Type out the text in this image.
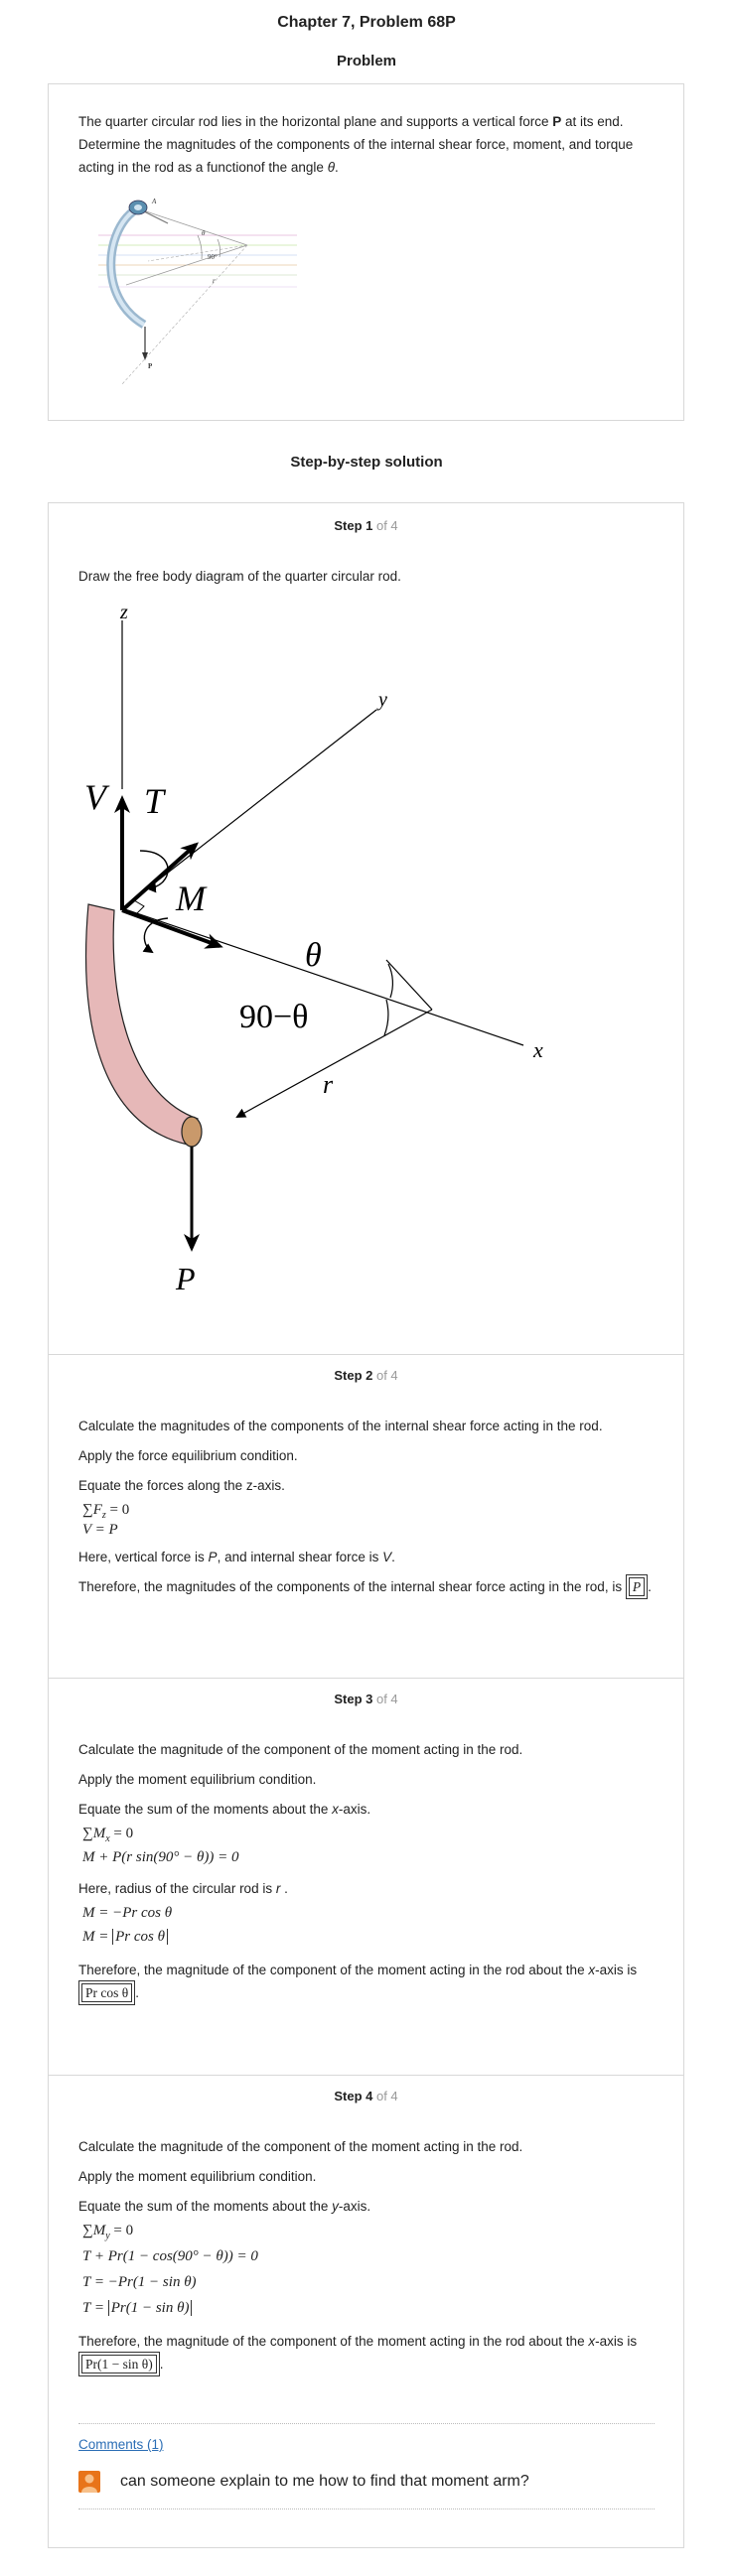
Chapter 7, Problem 68P
Problem
The quarter circular rod lies in the horizontal plane and supports a vertical force P at its end. Determine the magnitudes of the components of the internal shear force, moment, and torque acting in the rod as a functionof the angle θ.
A
θ
90°
r
P
Step-by-step solution
Step 1 of 4
Draw the free body diagram of the quarter circular rod.
z
y
x
V T
M
θ
90−θ
r
P
Step 2 of 4
Calculate the magnitudes of the components of the internal shear force acting in the rod.
Apply the force equilibrium condition.
Equate the forces along the z-axis.
$\sum F_z = 0$
V = P
Here, vertical force is P, and internal shear force is V.
Therefore, the magnitudes of the components of the internal shear force acting in the rod, is P .
Step 3 of 4
Calculate the magnitude of the component of the moment acting in the rod.
Apply the moment equilibrium condition.
Equate the sum of the moments about the x-axis.
$\sum M_x = 0$
M + P(r sin(90° − θ)) = 0
Here, radius of the circular rod is r .
M = −Pr cos θ
M = Pr cos θ
Therefore, the magnitude of the component of the moment acting in the rod about the x-axis is Pr cos θ .
Step 4 of 4
Calculate the magnitude of the component of the moment acting in the rod.
Apply the moment equilibrium condition.
Equate the sum of the moments about the y-axis.
$\sum M_y = 0$
T + Pr(1 − cos(90° − θ)) = 0
T = −Pr(1 − sin θ)
T = Pr(1 − sin θ)
Therefore, the magnitude of the component of the moment acting in the rod about the x-axis is Pr(1 − sin θ) .
Comments (1)
can someone explain to me how to find that moment arm?
